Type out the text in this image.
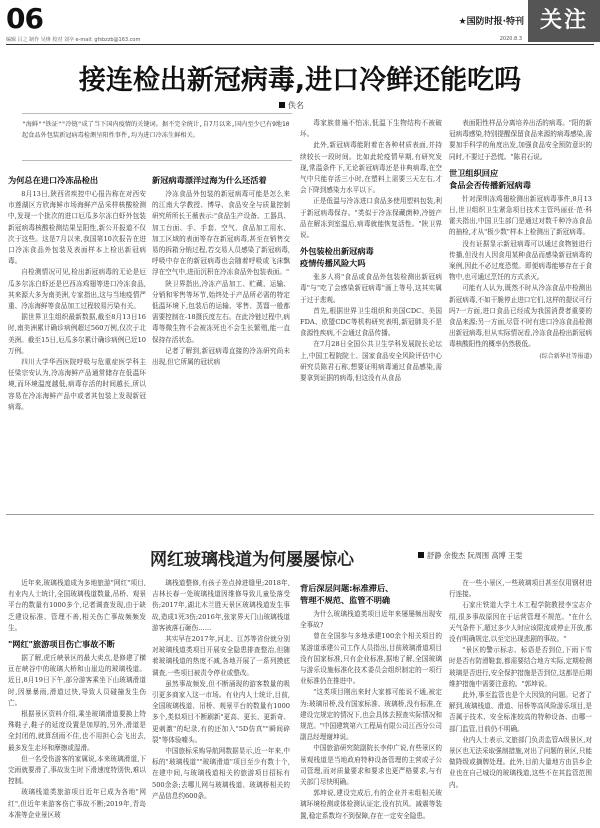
06
编辑 吕之 制作 吴烽 校对 刘卒 e-mail: gfsbzzb@163.com
★国防时报·特刊
2020.8.3
关注
接连检出新冠病毒,进口冷鲜还能吃吗
佚名
"海鲜""铁证""冷链"成了当下国内疫情的关键词。据不完全统计,自7月以来,国内至少已有9地10起食品外包装新冠病毒检测呈阳性事件,均为进口冷冻生鲜相关。
为何总在进口冷冻品检出

8月13日,陕西省疾控中心报告称在对西安市莲湖区方欣海鲜市场海鲜产品采样核酸检测中,发现一个批次的进口厄瓜多尔冻白虾外包装新冠病毒核酸检测结果呈阳性,新公开报道不仅次于这些。这是7月以来,我国第10次报告在进口冷冻食品外包装及表面样本上检出新冠病毒。

自检测情况可见,检出新冠病毒的无论是厄瓜多尔冻白虾还是巴西冻鸡翅等进口冷冻食品,其来源大多为南美洲,专家指出,这与当地疫情严重、冷冻海鲜等食品加工过程较易污染有关。

据世界卫生组织最新数据,截至8月13日16时,南美洲累计确诊病例超过560万例,仅次于北美洲。截至15日,厄瓜多尔累计确诊病例已近10万例。

四川大学华西医院呼吸与危重症医学科主任梁宗安认为,冷冻海鲜产品通常储存在低温环境,而环境温度越低,病毒存活的时间越长,所以容易在冷冻海鲜产品中或者其包装上发现新冠病毒。

新冠病毒漂洋过海为什么还活着

冷冻食品外包装的新冠病毒可能是怎么来的江南大学教授、博导、食品安全与质量控制研究所所长王薇表示:"食品生产设备、工器具、加工台面、手、手套、空气、食品加工用水、加工区域的表面等存在新冠病毒,甚至在销售交易的拆箱分销过程,若交易人员感染了新冠病毒,呼吸中存在的新冠病毒也会随着呼吸或飞沫飘浮在空气中,进而沉积在冷冻食品外包装表面。"

陕卫界指出,冷冻产品加工、贮藏、运输、分销和零售等环节,始终处于产品所必需的特定低温环境下,包装后的运输、零售、蒸馏一般都需要控制在-18摄氏度左右。在此冷链过程中,病毒等微生物不会被冻死也不会生长繁殖,能一直保持存活状态。

记者了解到,新冠病毒直接的冷冻研究尚未出现,但它所属的冠状病

毒家族普遍不怕冻,低温下生物结构不被破坏。

此外,新冠病毒能附着在各种材质表面,并持续较长一段时间。比如此轮疫情早期,有研究发现,常温条件下,无论新冠病毒还是非典病毒,在空气中只能存活三小时,在塑料上需要三天左右,才会下降到感染力水平以下。

正是低温与冷冻进口食品多使用塑料包装,利于新冠病毒保存。"类似于冷冻保藏菌种,冷链产品在解冻到室温后,病毒就能恢复活性。"陕卫界说。

外包装检出新冠病毒
疫情传播风险大吗

张多人将"食品或食品外包装检测出新冠病毒"与"吃了会感染新冠病毒"画上等号,这其实属于过于悲观。

首先,根据世界卫生组织和美国CDC、美国FDA、欧盟CDC等机构研究表明,新冠肺炎不是食源性疾病,不会通过食品传播。

在7月28日全国公共卫生学科发展院长论坛上,中国工程院院士、国家食品安全风险评估中心研究员陈君石称,想要证明病毒通过食品感染,需要拿到证据的病毒,但这没有从食品

表面阳性样品分离培养出活的病毒。"阳的新冠病毒感染,特别提醒保留食品来源的病毒感染,需要加手科学的角度出发,加强食品安全预防意识的同时,不要过于恐慌。"陈君石说。

世卫组织回应
食品会否传播新冠病毒

针对深圳冻鸡翅检测出新冠病毒事件,8月13日,世卫组织卫生紧急项目技术主管玛丽亚·范·科霍夫指出,中国卫生部门是通过对数千种冷冻食品的抽检,才从"极少数"样本上检测出了新冠病毒。

没有证据显示新冠病毒可以通过食物链进行传播,但没有人因食用某种食品而感染新冠病毒的案例,因此不必过度恐慌。即便病毒能够存在于食物中,也可通过烹饪的方式杀灭。

可能有人认为,既然不时从冷冻食品中检测出新冠病毒,不如干脆停止进口它们,这样的提议可行吗?一方面,进口食品已经成为我国消费者重要的食品来源;另一方面,尽管不时有进口冷冻食品检测出新冠病毒,但从实际情况看,冷冻食品检出新冠病毒核酸阳性的概率仍然极低。

(综合新华社等报道)

网红玻璃栈道为何屡屡惊心	舒静 余俊杰 阮周围 高博 王雯

近年来,玻璃栈道成为多地旅游"网红"项目,有业内人士统计,全国玻璃栈道数量,吊桥、观景平台的数量有1000多个,记者调查发现,由于缺乏建设标准、管理不善,相关伤亡事故频频发生。

"网红"旅游项目伤亡事故不断

据了解,虎丘峡景区的最大卖点,是修建了横亘在峡谷中的玻璃大桥和山崖边的玻璃栈道。近日,8月19日下午,部分游客乘坐下山玻璃滑道时,因暴暴雨,滑道过快,导致人员碰撞发生伤亡。

根据景区资料介绍,乘坐玻璃滑道要换上特殊鞋子,鞋子的延度设置是加厚的,另外,滑道是全封闭的,就算刮雨不住,也不用担心会飞出去,最多发生走坏和摩擦或湿滑。

但一名受伤游客的家属说,本来玻璃滑道,下完雨就要滑了,事故发生时下滑速度特别快,难以控制。

玻璃栈道类旅游项目近年已成为各地"网红",但近年来游客伤亡事故不断;2019年,青岛本准等企业景区玻

璃栈道整修,有孩子差点掉进缝里;2018年,吉林长春一处玻璃栈道因维修导致儿童坠落受伤;2017年,湖北木兰胜天景区玻璃栈道发生事故,造成1死3伤;2016年,张家界天门山玻璃栈道游客被落石砸伤……

其实早在2017年,河北、江苏等省份就分别对玻璃栈道类项目开展安全隐患排查整治,但随着玻璃栈道的热度不减,各地开展了一系列摸底调查,一些项目被责令停业或整改。

虽然事故频发,但不断涌现的游客数量的吸引更多商家入这一市场。有业内人士统计,目前,全国玻璃栈道、吊桥、观景平台的数量有1000多个,类似项目不断刷新"更高、更长、更新奇、更刺激"的纪录,有的还加入"5D仿真""瞬间碎裂"等体验噱头。

中国旅标采购导航网数据显示,近一年来,中标的"玻璃栈道""玻璃滑道"项目至少有数十个,在建中间,与玻璃栈道相关的旅游项目招标有500余条;去哪儿网与玻璃栈道、玻璃桥相关的产品信息约600条。

背后深层问题:标准滞后、
管理不规范、监管不明确

为什么玻璃栈道类项目近年来屡屡频出现安全事故?

曾在全国参与多地承建100余个相关项目的某游道承建公司工作人员指出,目前玻璃滑道项目没有国家标准,只有企业标准,据地了解,全国玻璃与游乐设施标准化技术委员会组织制定的一项行业标准仍在推进中。

"这类项目刚出来时大家都可能说不通,被定为:玻璃吊桥,没有国家标准、玻璃桥,没有标准,在建设完规定的情况下,也会具体去照查实际情况和规范。"中国建筑第六工程局有限公司江西分公司副总经理谢坤说。

中国旅游研究院副院长李仲广说,有些景区的景观栈道是当地政府特种设备管理的主营或子公司管理,而对质量要求和要求也更严格要求,与有关部门尽快明确。

郭坤说,建设完成后,有的企业并未组相关玻璃环境检测或体检测认证定,没有抗风、减震等装置,稳定系数均不到保障,存在一定安全隐患。

在一些小景区,一些玻璃项目甚至仅用钢材进行连接。

石家庄铁道大学土木工程学院教授李宝志介绍,很多事故原因在于运营管理不规范。"在什么天气条件下,超过多少人时应该限流或停止开放,都没有明确规定,以至完出现悲剧的事故。"

"景区的警示标志、标语是否到位,下雨下雪时是否有防滑鞋套,都需要结合地方实际,定期检测玻璃是否进行,安全保护措施是否到位,这都是后期维护措施中需要注意的。"郭坤说。

此外,事至监管也是个大因致的问题。记者了解到,玻璃栈道、滑道、吊桥等高风险游乐项目,是否属于技术、安全标准较高的特种设备、由哪一部门监管,目前仍不明确。

业内人士表示,文旅部门负责监管A级景区,对景区也无法采取强制措施,对出了问题的景区,只能做降级或摘牌处理。此外,目前大量地方由县乡企业也在自己城设的玻璃栈道,这些不在其监管范围内。
